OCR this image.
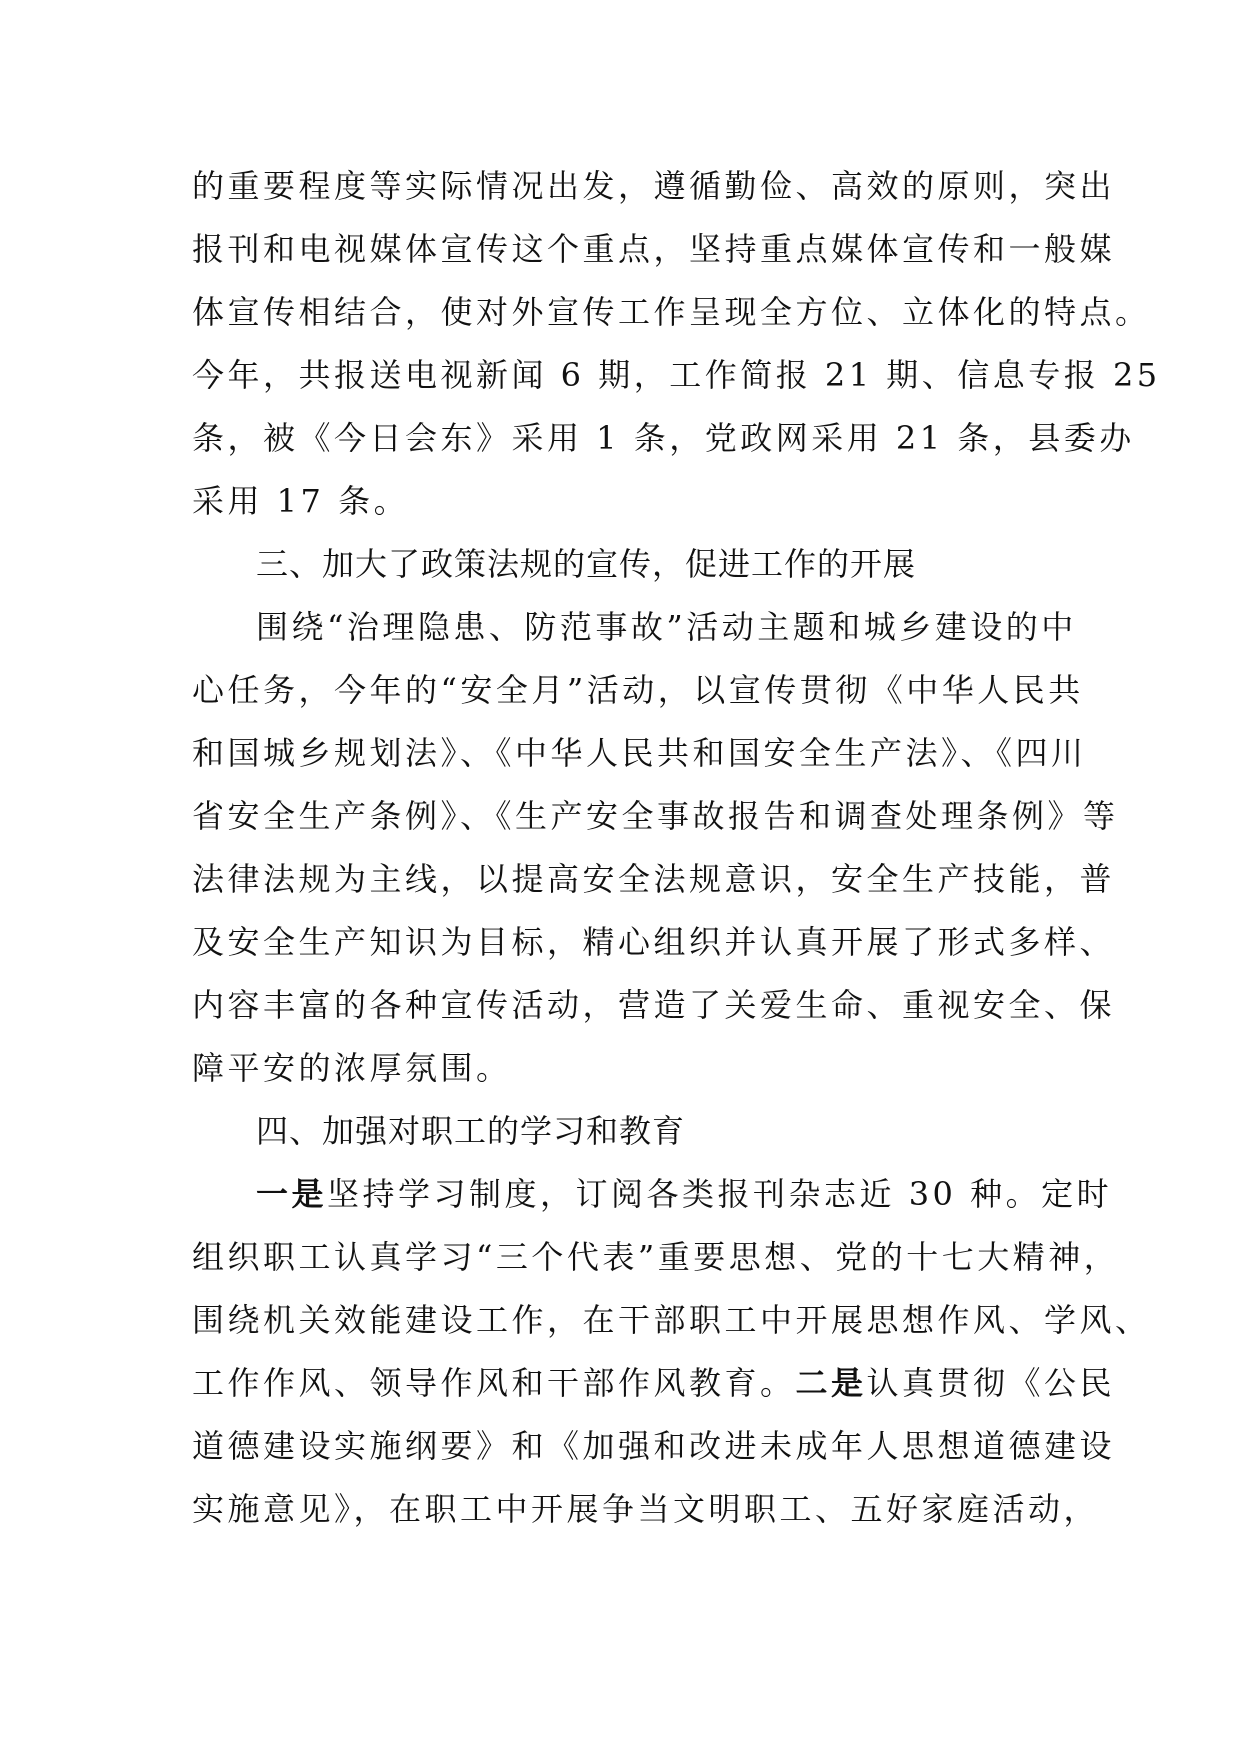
的重要程度等实际情况出发，遵循勤俭、高效的原则，突出
报刊和电视媒体宣传这个重点，坚持重点媒体宣传和一般媒
体宣传相结合，使对外宣传工作呈现全方位、立体化的特点。
今年，共报送电视新闻 6 期，工作简报 21 期、信息专报 25
条，被《今日会东》采用 1 条，党政网采用 21 条，县委办
采用 17 条。
三、加大了政策法规的宣传，促进工作的开展
围绕“治理隐患、防范事故”活动主题和城乡建设的中
心任务，今年的“安全月”活动，以宣传贯彻《中华人民共
和国城乡规划法》、《中华人民共和国安全生产法》、《四川
省安全生产条例》、《生产安全事故报告和调查处理条例》等
法律法规为主线，以提高安全法规意识，安全生产技能，普
及安全生产知识为目标，精心组织并认真开展了形式多样、
内容丰富的各种宣传活动，营造了关爱生命、重视安全、保
障平安的浓厚氛围。
四、加强对职工的学习和教育
一是坚持学习制度，订阅各类报刊杂志近 30 种。定时
组织职工认真学习“三个代表”重要思想、党的十七大精神，
围绕机关效能建设工作，在干部职工中开展思想作风、学风、
工作作风、领导作风和干部作风教育。二是认真贯彻《公民
道德建设实施纲要》和《加强和改进未成年人思想道德建设
实施意见》，在职工中开展争当文明职工、五好家庭活动，
